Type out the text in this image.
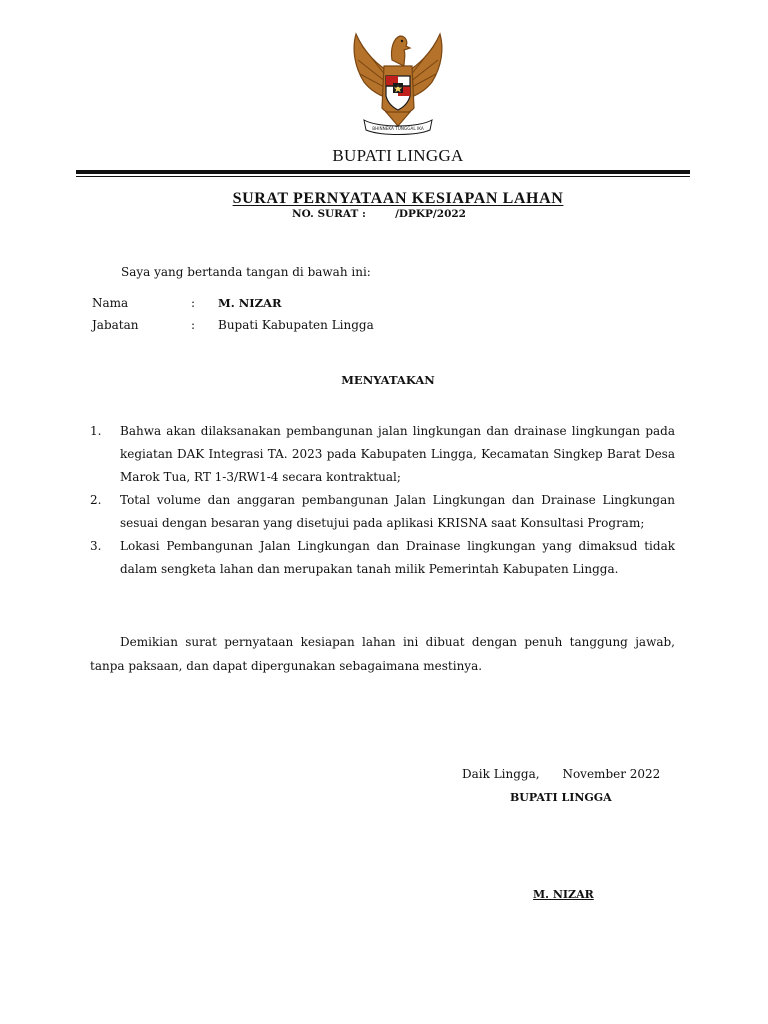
BHINNEKA TUNGGAL IKA
BUPATI LINGGA
SURAT PERNYATAAN KESIAPAN LAHAN
NO. SURAT :        /DPKP/2022
Saya yang bertanda tangan di bawah ini:
Nama	: M. NIZAR
Jabatan	: Bupati Kabupaten Lingga
MENYATAKAN
1. Bahwa akan dilaksanakan pembangunan jalan lingkungan dan drainase lingkungan pada kegiatan DAK Integrasi TA. 2023 pada Kabupaten Lingga, Kecamatan Singkep Barat Desa Marok Tua, RT 1-3/RW1-4 secara kontraktual;
2. Total volume dan anggaran pembangunan Jalan Lingkungan dan Drainase Lingkungan sesuai dengan besaran yang disetujui pada aplikasi KRISNA saat Konsultasi Program;
3. Lokasi Pembangunan Jalan Lingkungan dan Drainase lingkungan yang dimaksud tidak dalam sengketa lahan dan merupakan tanah milik Pemerintah Kabupaten Lingga.
Demikian surat pernyataan kesiapan lahan ini dibuat dengan penuh tanggung jawab, tanpa paksaan, dan dapat dipergunakan sebagaimana mestinya.
Daik Lingga,      November 2022
BUPATI LINGGA
M. NIZAR
